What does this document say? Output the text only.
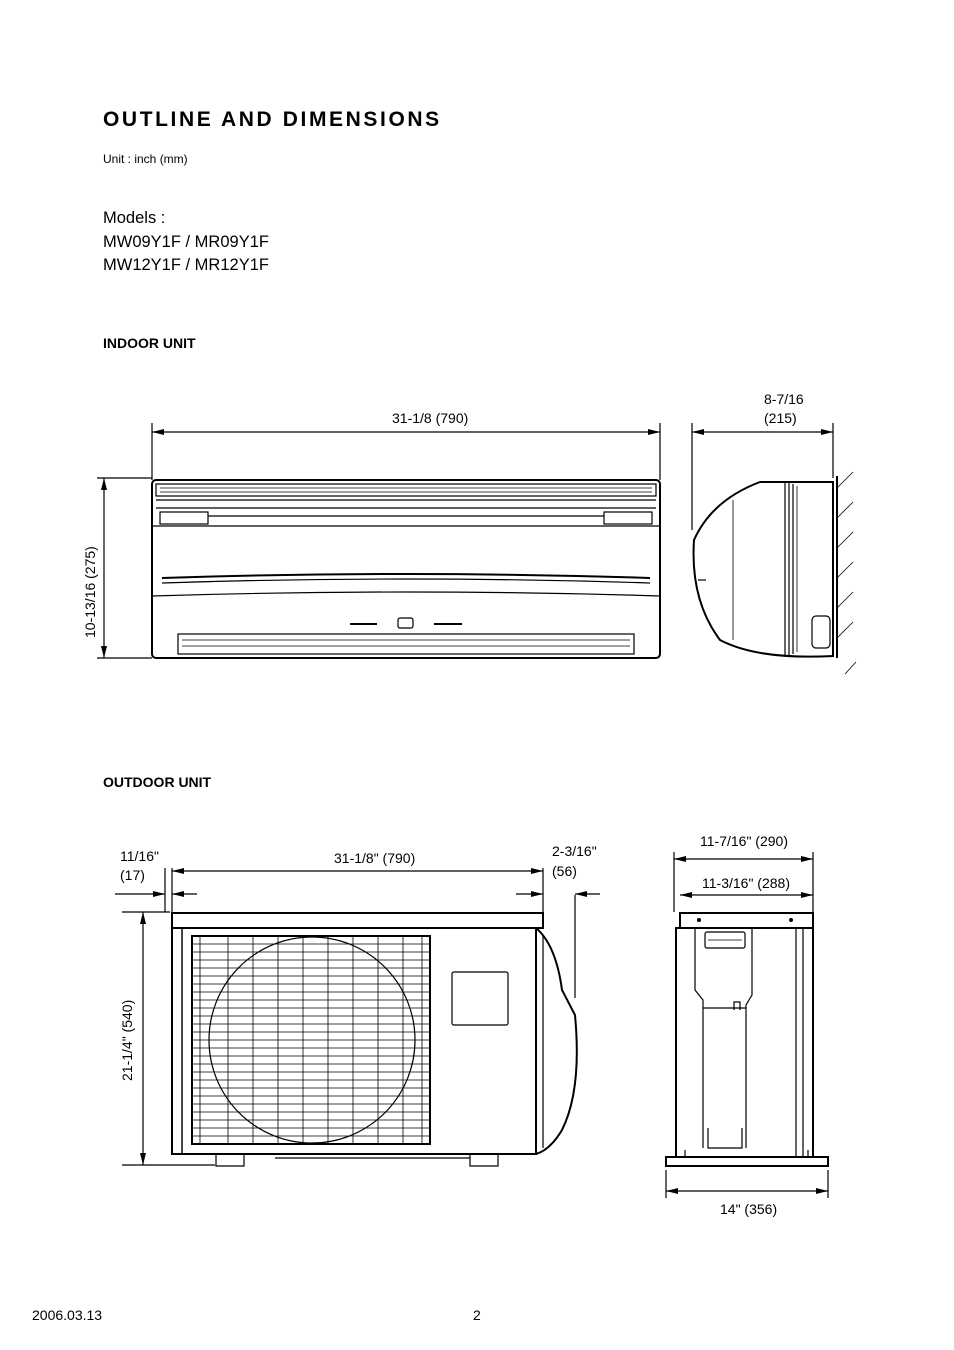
OUTLINE AND DIMENSIONS
Unit : inch (mm)
Models :
MW09Y1F / MR09Y1F
MW12Y1F / MR12Y1F
INDOOR UNIT
OUTDOOR UNIT
31-1/8 (790)
8-7/16
(215)
10-13/16 (275)
11/16"
(17)
31-1/8" (790)	2-3/16"
(56)
21-1/4" (540)
11-7/16" (290)
11-3/16" (288)
14" (356)
2006.03.13	2
